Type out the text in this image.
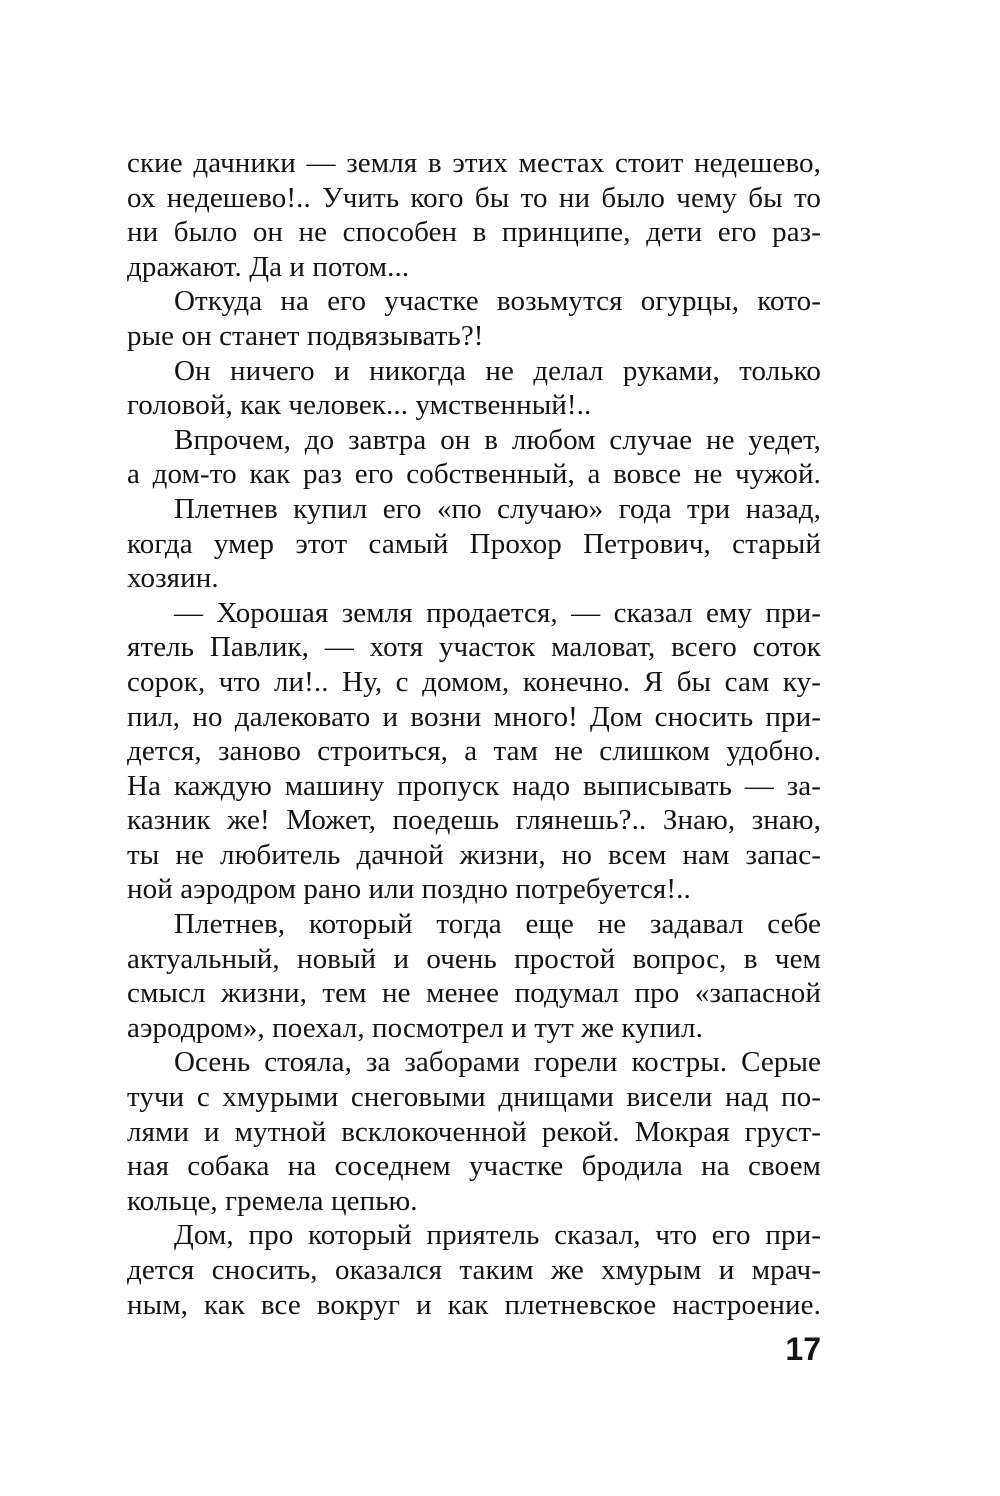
ские дачники — земля в этих местах стоит недешево,
ох недешево!.. Учить кого бы то ни было чему бы то
ни было он не способен в принципе, дети его раз-
дражают. Да и потом...
Откуда на его участке возьмутся огурцы, кото-
рые он станет подвязывать?!
Он ничего и никогда не делал руками, только
головой, как человек... умственный!..
Впрочем, до завтра он в любом случае не уедет,
а дом-то как раз его собственный, а вовсе не чужой.
Плетнев купил его «по случаю» года три назад,
когда умер этот самый Прохор Петрович, старый
хозяин.
— Хорошая земля продается, — сказал ему при-
ятель Павлик, — хотя участок маловат, всего соток
сорок, что ли!.. Ну, с домом, конечно. Я бы сам ку-
пил, но далековато и возни много! Дом сносить при-
дется, заново строиться, а там не слишком удобно.
На каждую машину пропуск надо выписывать — за-
казник же! Может, поедешь глянешь?.. Знаю, знаю,
ты не любитель дачной жизни, но всем нам запас-
ной аэродром рано или поздно потребуется!..
Плетнев, который тогда еще не задавал себе
актуальный, новый и очень простой вопрос, в чем
смысл жизни, тем не менее подумал про «запасной
аэродром», поехал, посмотрел и тут же купил.
Осень стояла, за заборами горели костры. Серые
тучи с хмурыми снеговыми днищами висели над по-
лями и мутной всклокоченной рекой. Мокрая груст-
ная собака на соседнем участке бродила на своем
кольце, гремела цепью.
Дом, про который приятель сказал, что его при-
дется сносить, оказался таким же хмурым и мрач-
ным, как все вокруг и как плетневское настроение.
17
